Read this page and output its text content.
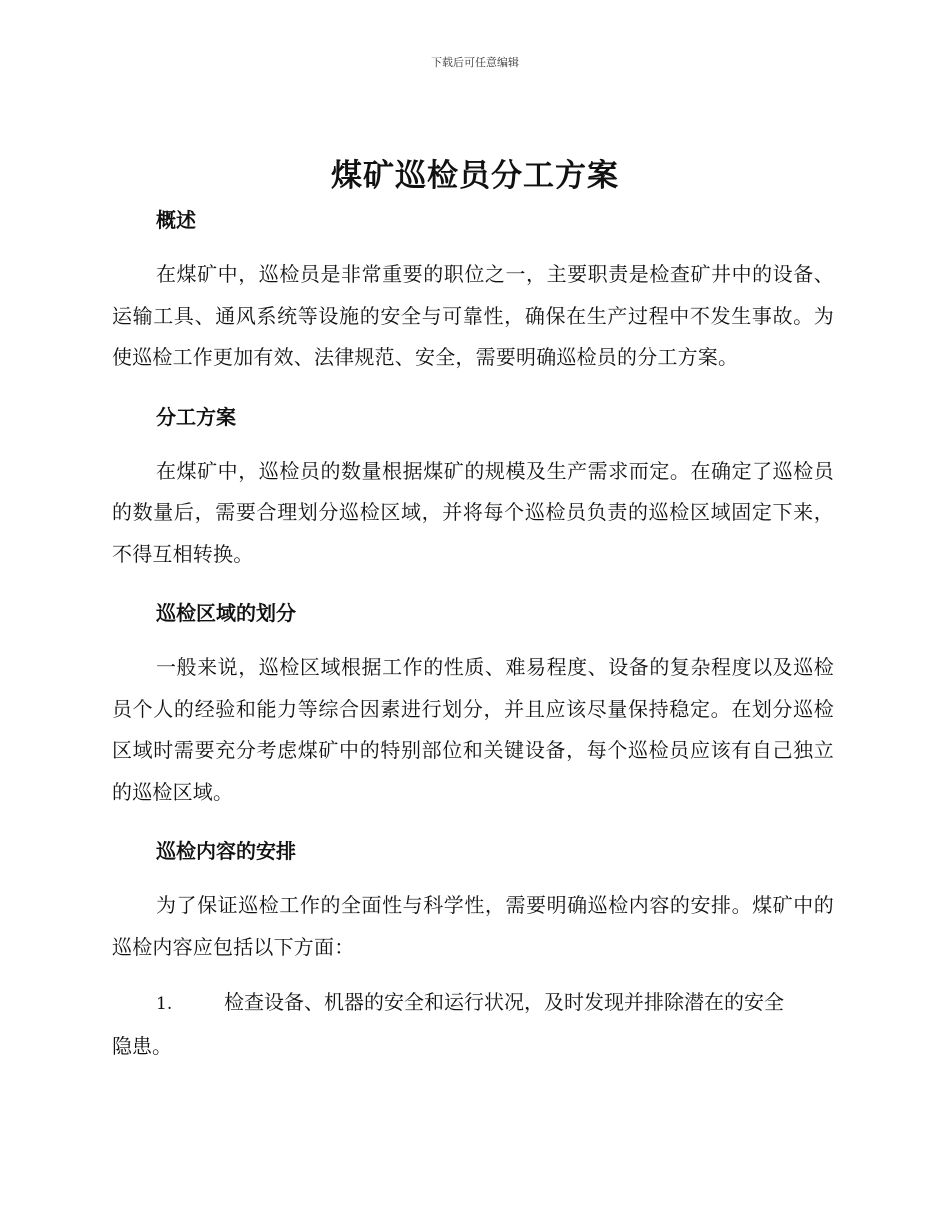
下载后可任意编辑
煤矿巡检员分工方案
概述

在煤矿中，巡检员是非常重要的职位之一，主要职责是检查矿井中的设备、运输工具、通风系统等设施的安全与可靠性，确保在生产过程中不发生事故。为使巡检工作更加有效、法律规范、安全，需要明确巡检员的分工方案。

分工方案

在煤矿中，巡检员的数量根据煤矿的规模及生产需求而定。在确定了巡检员的数量后，需要合理划分巡检区域，并将每个巡检员负责的巡检区域固定下来，不得互相转换。

巡检区域的划分

一般来说，巡检区域根据工作的性质、难易程度、设备的复杂程度以及巡检员个人的经验和能力等综合因素进行划分，并且应该尽量保持稳定。在划分巡检区域时需要充分考虑煤矿中的特别部位和关键设备，每个巡检员应该有自己独立的巡检区域。

巡检内容的安排

为了保证巡检工作的全面性与科学性，需要明确巡检内容的安排。煤矿中的巡检内容应包括以下方面：

1.	检查设备、机器的安全和运行状况，及时发现并排除潜在的安全
隐患。
